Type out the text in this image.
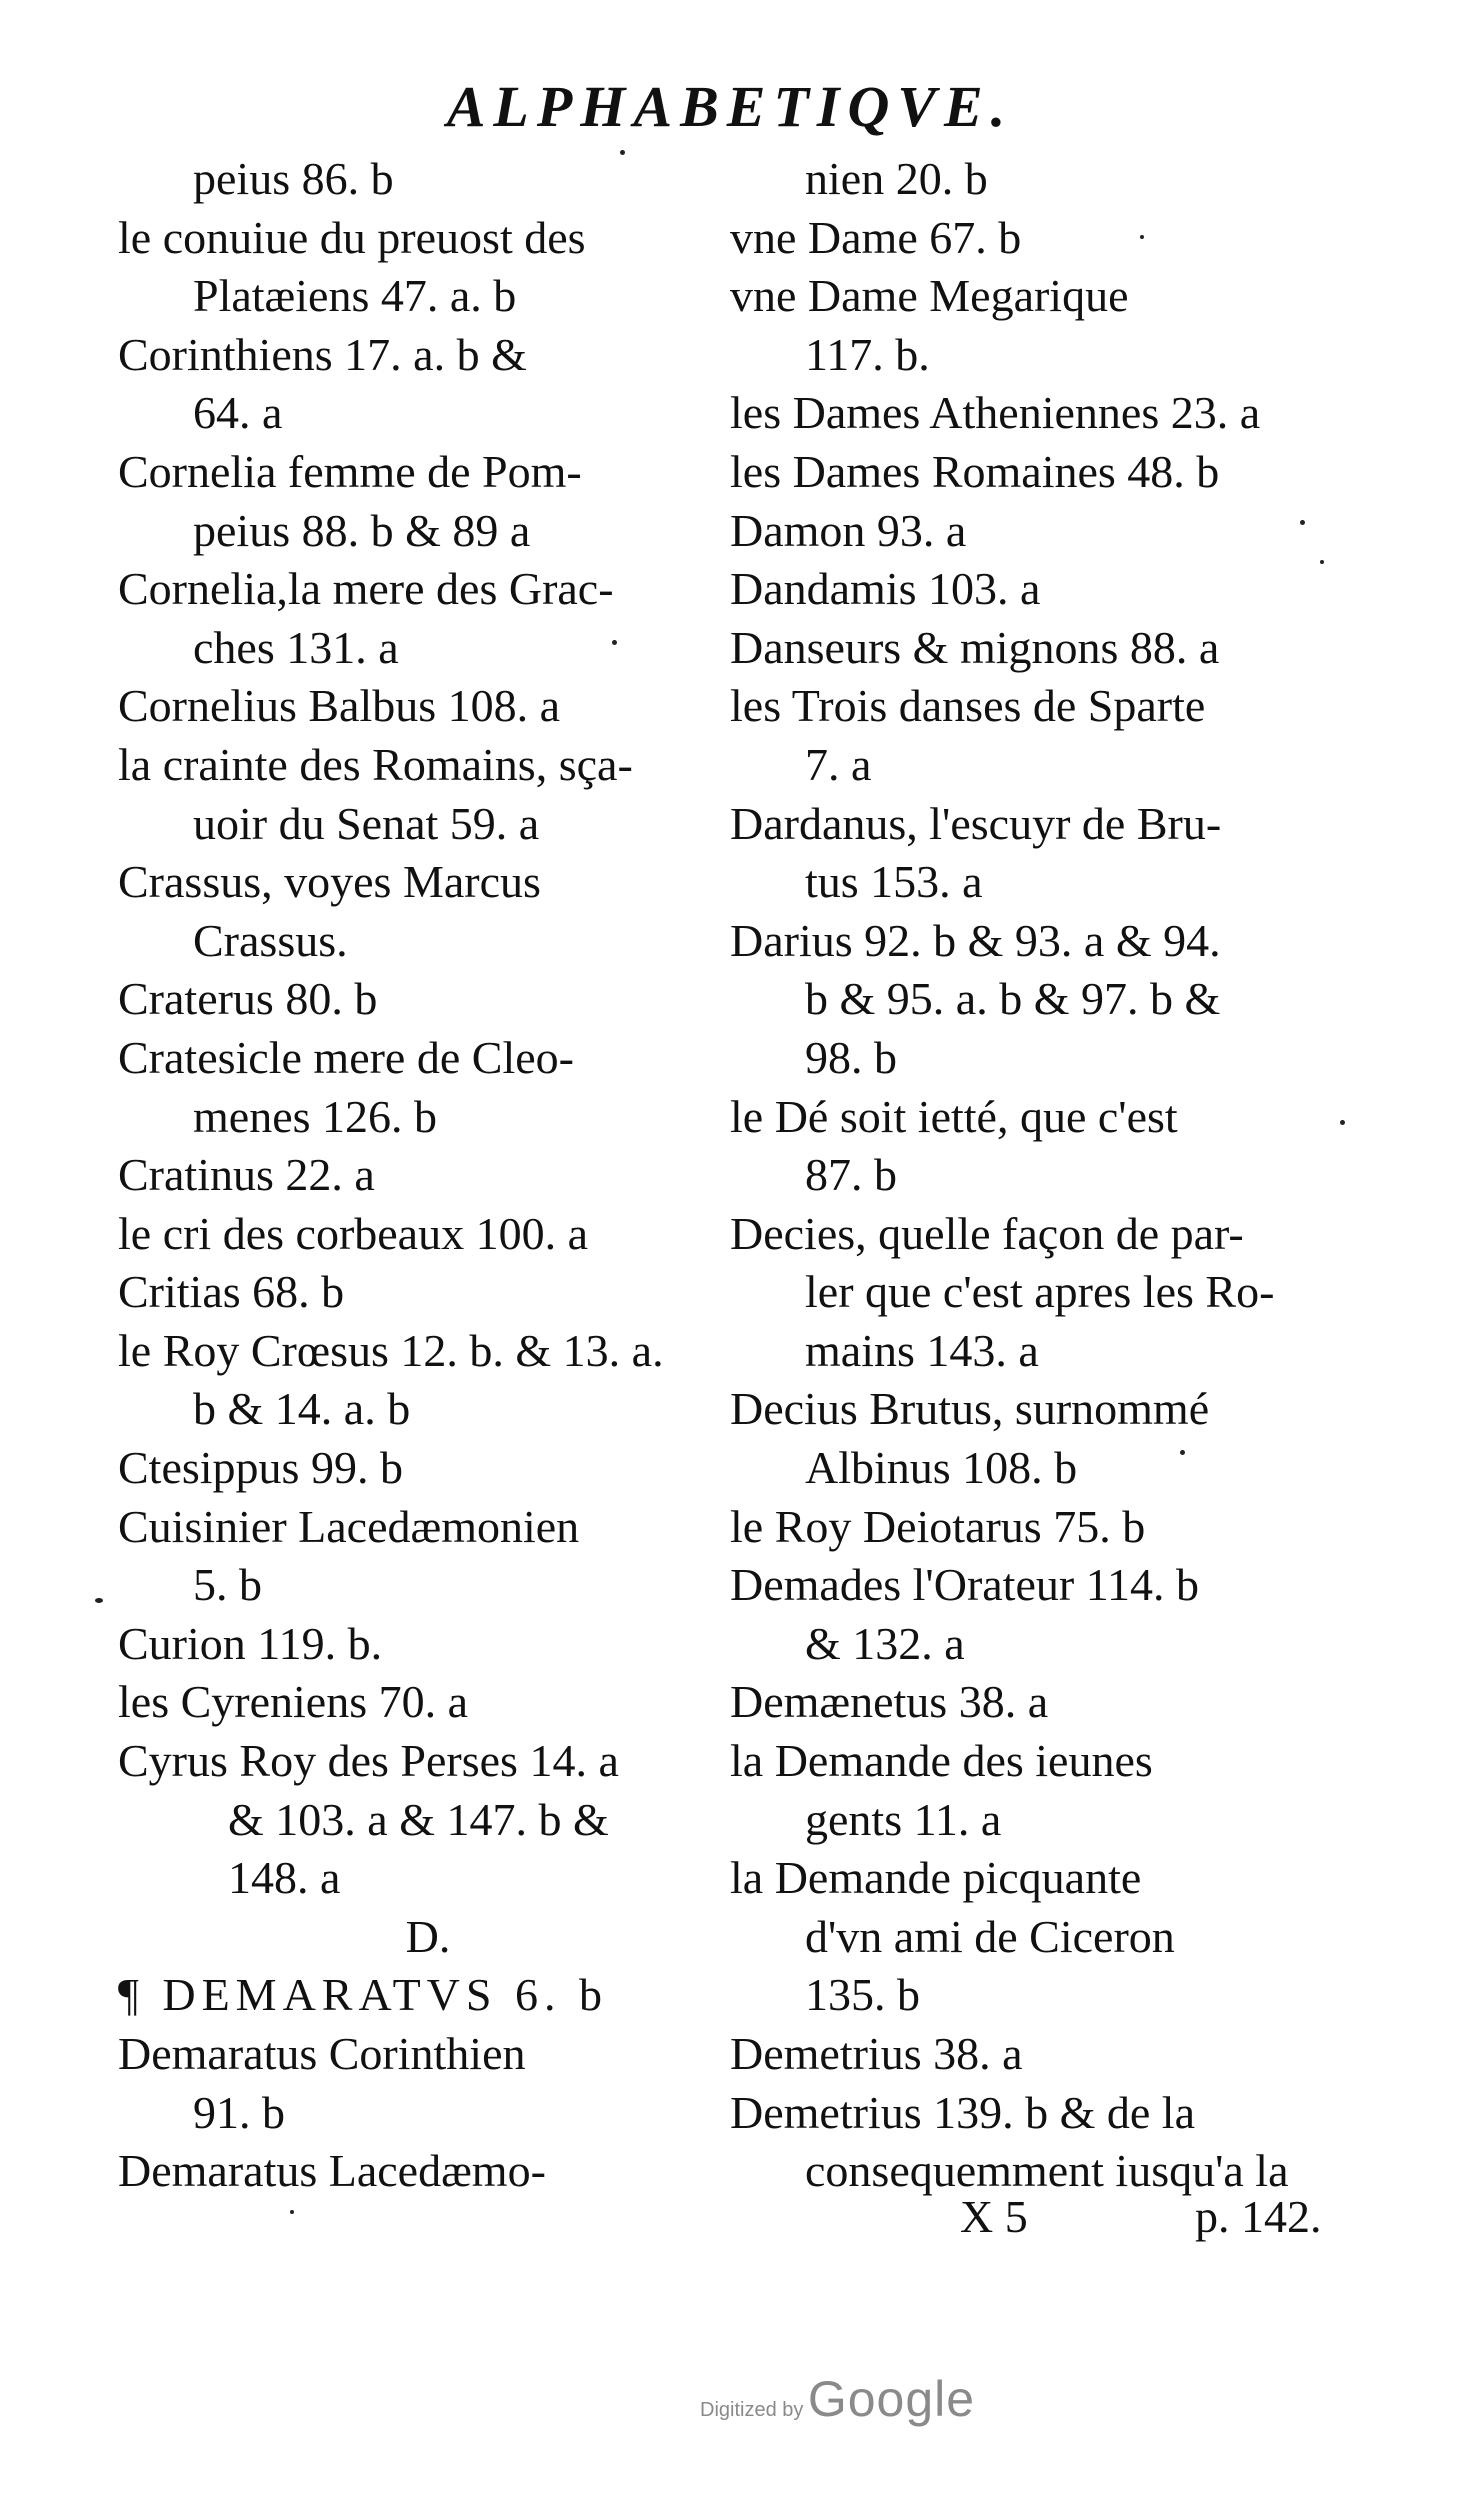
ALPHABETIQVE.
peius 86. b
le conuiue du preuost des
Platæiens 47. a. b
Corinthiens 17. a. b &
64. a
Cornelia femme de Pom-
peius 88. b & 89 a
Cornelia,la mere des Grac-
ches 131. a
Cornelius Balbus 108. a
la crainte des Romains, sça-
uoir du Senat 59. a
Crassus, voyes Marcus
Crassus.
Craterus 80. b
Cratesicle mere de Cleo-
menes 126. b
Cratinus 22. a
le cri des corbeaux 100. a
Critias 68. b
le Roy Crœsus 12. b. & 13. a.
b & 14. a. b
Ctesippus 99. b
Cuisinier Lacedæmonien
5. b
Curion 119. b.
les Cyreniens 70. a
Cyrus Roy des Perses 14. a
& 103. a & 147. b &
148. a
D.
¶ DEMARATVS 6. b
Demaratus Corinthien
91. b
Demaratus Lacedæmo-
nien 20. b
vne Dame 67. b
vne Dame Megarique
117. b.
les Dames Atheniennes 23. a
les Dames Romaines 48. b
Damon 93. a
Dandamis 103. a
Danseurs & mignons 88. a
les Trois danses de Sparte
7. a
Dardanus, l'escuyr de Bru-
tus 153. a
Darius 92. b & 93. a & 94.
b & 95. a. b & 97. b &
98. b
le Dé soit ietté, que c'est
87. b
Decies, quelle façon de par-
ler que c'est apres les Ro-
mains 143. a
Decius Brutus, surnommé
Albinus 108. b
le Roy Deiotarus 75. b
Demades l'Orateur 114. b
& 132. a
Demænetus 38. a
la Demande des ieunes
gents 11. a
la Demande picquante
d'vn ami de Ciceron
135. b
Demetrius 38. a
Demetrius 139. b & de la
consequemment iusqu'a la
X 5	p. 142.
Digitized by Google
